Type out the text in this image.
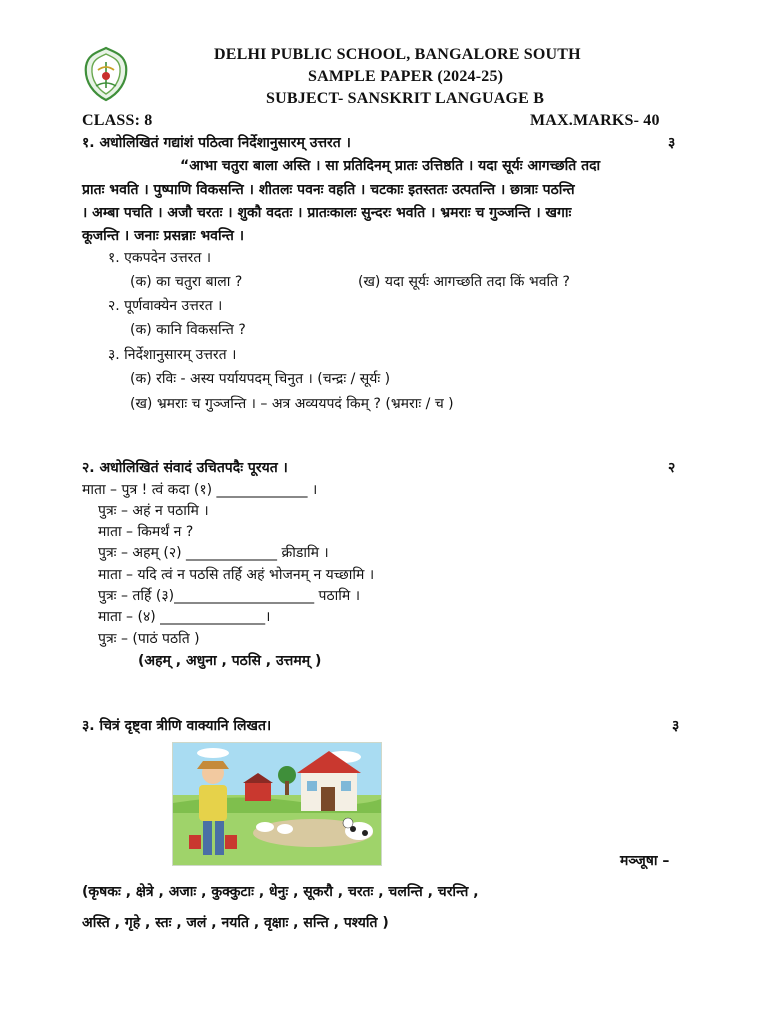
DELHI PUBLIC SCHOOL, BANGALORE SOUTH
SAMPLE PAPER (2024-25)
SUBJECT- SANSKRIT LANGUAGE B
CLASS: 8	MAX.MARKS- 40
१. अधोलिखितं गद्यांशं पठित्वा निर्देशानुसारम् उत्तरत ।	३
“आभा चतुरा बाला अस्ति । सा प्रतिदिनम् प्रातः उत्तिष्ठति । यदा सूर्यः आगच्छति तदा
प्रातः भवति । पुष्पाणि विकसन्ति । शीतलः पवनः वहति । चटकाः इतस्ततः उत्पतन्ति । छात्राः पठन्ति
। अम्बा पचति । अजौ चरतः । शुकौ वदतः । प्रातःकालः सुन्दरः भवति । भ्रमराः च गुञ्जन्ति । खगाः
कूजन्ति । जनाः प्रसन्नाः भवन्ति ।
१. एकपदेन उत्तरत ।
(क) का चतुरा बाला ?	(ख) यदा सूर्यः आगच्छति तदा किं भवति ?
२. पूर्णवाक्येन उत्तरत ।
(क) कानि विकसन्ति ?
३. निर्देशानुसारम् उत्तरत ।
(क) रविः - अस्य पर्यायपदम् चिनुत । (चन्द्रः / सूर्यः )
(ख) भ्रमराः च गुञ्जन्ति । – अत्र अव्ययपदं किम् ? (भ्रमराः / च )
२. अधोलिखितं संवादं उचितपदैः पूरयत ।	२
माता – पुत्र ! त्वं कदा (१) _____________ ।
पुत्रः – अहं न पठामि ।
माता – किमर्थं न ?
पुत्रः – अहम् (२) _____________ क्रीडामि ।
माता – यदि त्वं न पठसि तर्हि अहं भोजनम् न यच्छामि ।
पुत्रः – तर्हि (३)____________________ पठामि ।
माता – (४) _______________।
पुत्रः – (पाठं पठति )
(अहम् , अधुना , पठसि , उत्तमम् )
३. चित्रं दृष्ट्वा त्रीणि वाक्यानि लिखत।	३
मञ्जूषा –
(कृषकः , क्षेत्रे , अजाः , कुक्कुटाः , धेनुः , सूकरौ , चरतः , चलन्ति , चरन्ति ,
अस्ति , गृहे , स्तः , जलं , नयति , वृक्षाः , सन्ति , पश्यति )
